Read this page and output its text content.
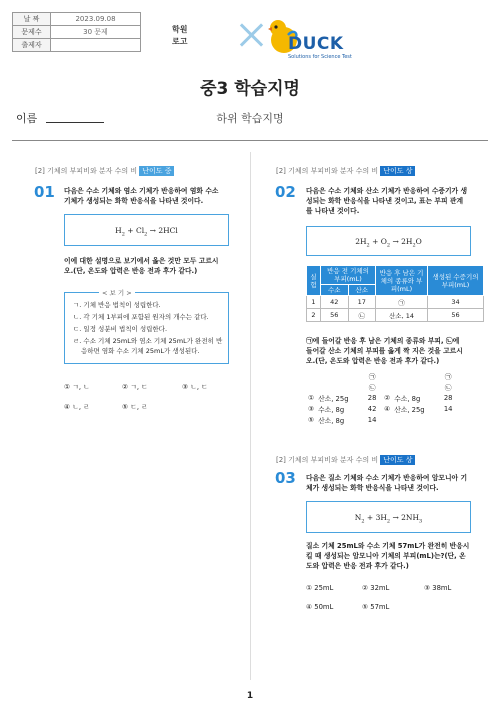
날 짜	2023.09.08
문제수	30 문제
출제자	
학원
로고	DUCK
Solutions for Science Test
중3 학습지명
이름	하위 학습지명
[2] 기체의 부피비와 분자 수의 비 난이도 중
01 다음은 수소 기체와 염소 기체가 반응하여 염화 수소
기체가 생성되는 화학 반응식을 나타낸 것이다.
$H_2 + Cl_2 \to 2HCl$
이에 대한 설명으로 보기에서 옳은 것만 모두 고르시
오.(단, 온도와 압력은 반응 전과 후가 같다.)
< 보 기 >
ㄱ. 기체 반응 법칙이 성립한다.
ㄴ. 각 기체 1부피에 포함된 원자의 개수는 같다.
ㄷ. 일정 성분비 법칙이 성립한다.
ㄹ. 수소 기체 25mL와 염소 기체 25mL가 완전히 반
응하면 염화 수소 기체 25mL가 생성된다.
① ㄱ, ㄴ	② ㄱ, ㄷ	③ ㄴ, ㄷ
④ ㄴ, ㄹ	⑤ ㄷ, ㄹ
[2] 기체의 부피비와 분자 수의 비 난이도 상
02 다음은 수소 기체와 산소 기체가 반응하여 수증기가 생
성되는 화학 반응식을 나타낸 것이고, 표는 부피 관계
를 나타낸 것이다.
$2H_2 + O_2 \to 2H_2O$
실험	반응 전 기체의 부피(mL)		반응 후 남은 기체의 종류와 부피(mL)	생성된 수증기의 부피(mL)
	수소	산소		
1	42	17	㉠	34
2	56	㉡	산소, 14	56
㉠에 들어갈 반응 후 남은 기체의 종류와 부피, ㉡에
들어갈 산소 기체의 부피를 옳게 짝 지은 것을 고르시
오.(단, 온도와 압력은 반응 전과 후가 같다.)
		㉠			㉠
		㉡			㉡
①	산소, 25g	28	②	수소, 8g	28
③	수소, 8g	42	④	산소, 25g	14
⑤	산소, 8g	14			
[2] 기체의 부피비와 분자 수의 비 난이도 상
03 다음은 질소 기체와 수소 기체가 반응하여 암모니아 기
체가 생성되는 화학 반응식을 나타낸 것이다.
$N_2 + 3H_2 \to 2NH_3$
질소 기체 25mL와 수소 기체 57mL가 완전히 반응시
킬 때 생성되는 암모니아 기체의 부피(mL)는?(단, 온
도와 압력은 반응 전과 후가 같다.)
① 25mL	② 32mL	③ 38mL
④ 50mL	⑤ 57mL
1
